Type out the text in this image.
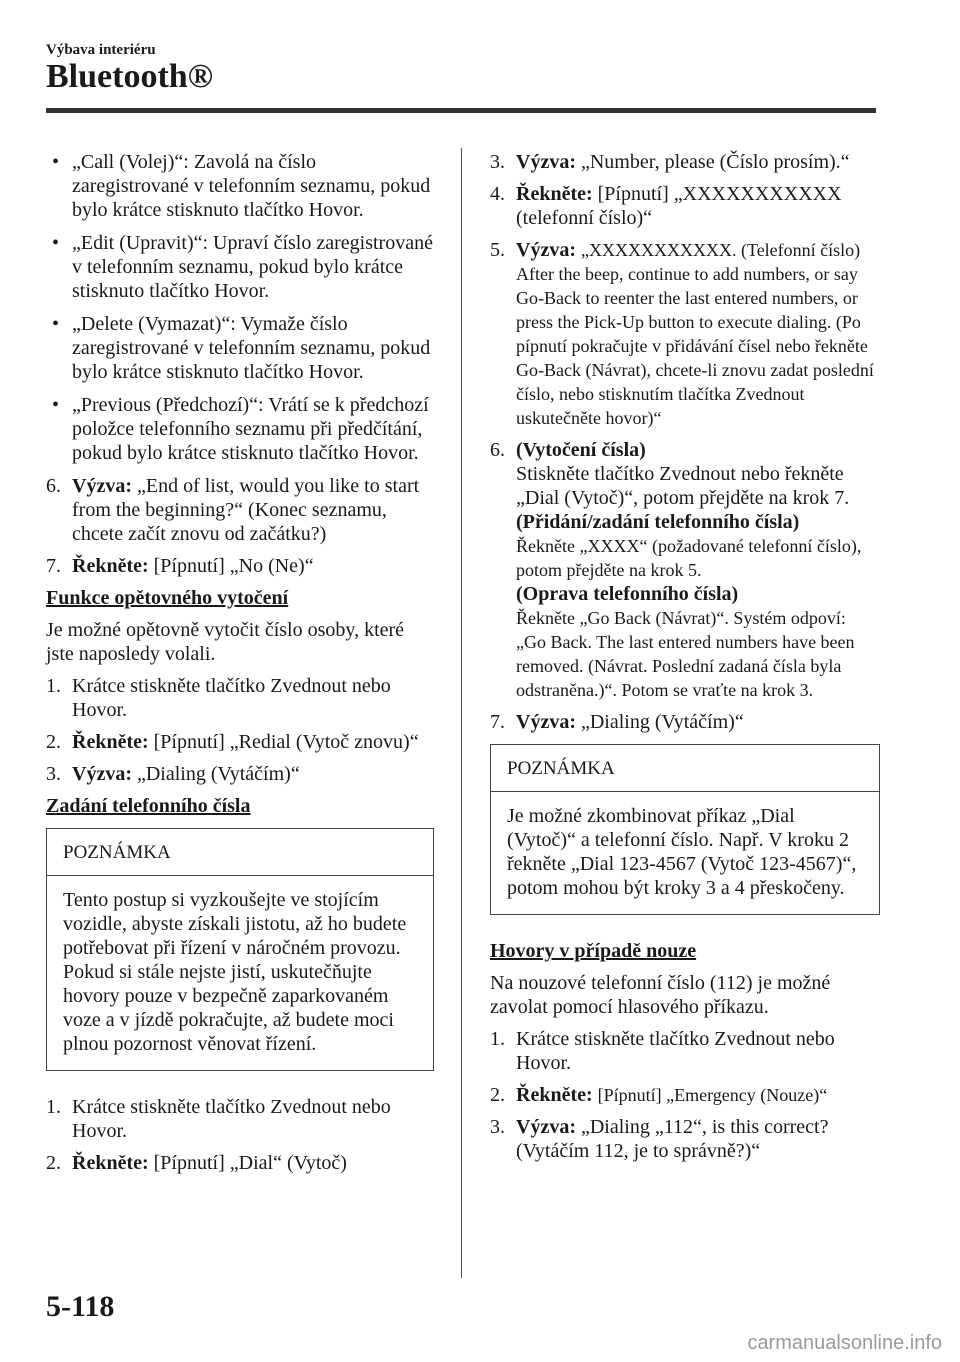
Výbava interiéru
Bluetooth®
• „Call (Volej)“: Zavolá na číslo zaregistrované v telefonním seznamu, pokud bylo krátce stisknuto tlačítko Hovor.
• „Edit (Upravit)“: Upraví číslo zaregistrované v telefonním seznamu, pokud bylo krátce stisknuto tlačítko Hovor.
• „Delete (Vymazat)“: Vymaže číslo zaregistrované v telefonním seznamu, pokud bylo krátce stisknuto tlačítko Hovor.
• „Previous (Předchozí)“: Vrátí se k předchozí položce telefonního seznamu při předčítání, pokud bylo krátce stisknuto tlačítko Hovor.
6. Výzva: „End of list, would you like to start from the beginning?“ (Konec seznamu, chcete začít znovu od začátku?)
7. Řekněte: [Pípnutí] „No (Ne)“
Funkce opětovného vytočení
Je možné opětovně vytočit číslo osoby, které jste naposledy volali.
1. Krátce stiskněte tlačítko Zvednout nebo Hovor.
2. Řekněte: [Pípnutí] „Redial (Vytoč znovu)“
3. Výzva: „Dialing (Vytáčím)“
Zadání telefonního čísla
POZNÁMKA
Tento postup si vyzkoušejte ve stojícím vozidle, abyste získali jistotu, až ho budete potřebovat při řízení v náročném provozu. Pokud si stále nejste jistí, uskutečňujte hovory pouze v bezpečně zaparkovaném voze a v jízdě pokračujte, až budete moci plnou pozornost věnovat řízení.
1. Krátce stiskněte tlačítko Zvednout nebo Hovor.
2. Řekněte: [Pípnutí] „Dial“ (Vytoč)
3. Výzva: „Number, please (Číslo prosím).“
4. Řekněte: [Pípnutí] „XXXXXXXXXXX (telefonní číslo)“
5. Výzva: „XXXXXXXXXXX. (Telefonní číslo) After the beep, continue to add numbers, or say Go-Back to reenter the last entered numbers, or press the Pick-Up button to execute dialing. (Po pípnutí pokračujte v přidávání čísel nebo řekněte Go-Back (Návrat), chcete-li znovu zadat poslední číslo, nebo stisknutím tlačítka Zvednout uskutečněte hovor)“
6. (Vytočení čísla)
Stiskněte tlačítko Zvednout nebo řekněte „Dial (Vytoč)“, potom přejděte na krok 7.
(Přidání/zadání telefonního čísla)
Řekněte „XXXX“ (požadované telefonní číslo), potom přejděte na krok 5.
(Oprava telefonního čísla)
Řekněte „Go Back (Návrat)“. Systém odpoví: „Go Back. The last entered numbers have been removed. (Návrat. Poslední zadaná čísla byla odstraněna.)“. Potom se vraťte na krok 3.
7. Výzva: „Dialing (Vytáčím)“
POZNÁMKA
Je možné zkombinovat příkaz „Dial (Vytoč)“ a telefonní číslo. Např. V kroku 2 řekněte „Dial 123-4567 (Vytoč 123-4567)“, potom mohou být kroky 3 a 4 přeskočeny.
Hovory v případě nouze
Na nouzové telefonní číslo (112) je možné zavolat pomocí hlasového příkazu.
1. Krátce stiskněte tlačítko Zvednout nebo Hovor.
2. Řekněte: [Pípnutí] „Emergency (Nouze)“
3. Výzva: „Dialing „112“, is this correct? (Vytáčím 112, je to správně?)“
5-118
carmanualsonline.info
